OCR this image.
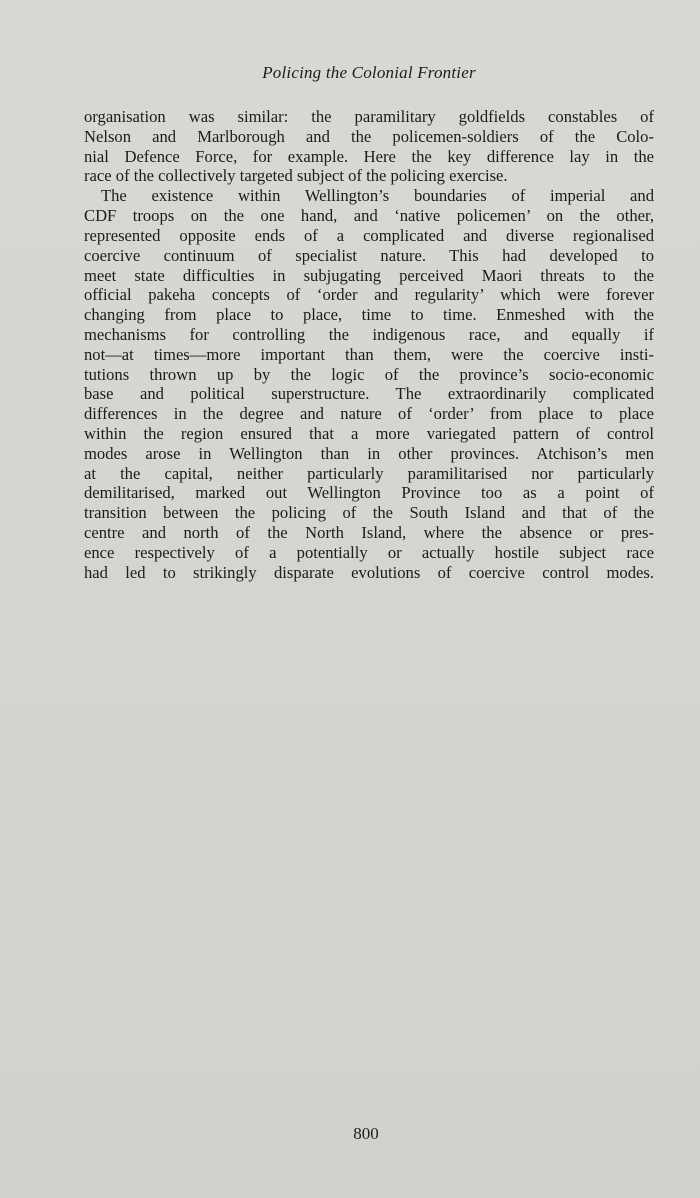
Policing the Colonial Frontier

organisation was similar: the paramilitary goldfields constables of
Nelson and Marlborough and the policemen-soldiers of the Colo-
nial Defence Force, for example. Here the key difference lay in the
race of the collectively targeted subject of the policing exercise.

The existence within Wellington’s boundaries of imperial and
CDF troops on the one hand, and ‘native policemen’ on the other,
represented opposite ends of a complicated and diverse regionalised
coercive continuum of specialist nature. This had developed to
meet state difficulties in subjugating perceived Maori threats to the
official pakeha concepts of ‘order and regularity’ which were forever
changing from place to place, time to time. Enmeshed with the
mechanisms for controlling the indigenous race, and equally if
not—at times—more important than them, were the coercive insti-
tutions thrown up by the logic of the province’s socio-economic
base and political superstructure. The extraordinarily complicated
differences in the degree and nature of ‘order’ from place to place
within the region ensured that a more variegated pattern of control
modes arose in Wellington than in other provinces. Atchison’s men
at the capital, neither particularly paramilitarised nor particularly
demilitarised, marked out Wellington Province too as a point of
transition between the policing of the South Island and that of the
centre and north of the North Island, where the absence or pres-
ence respectively of a potentially or actually hostile subject race
had led to strikingly disparate evolutions of coercive control modes.

800
